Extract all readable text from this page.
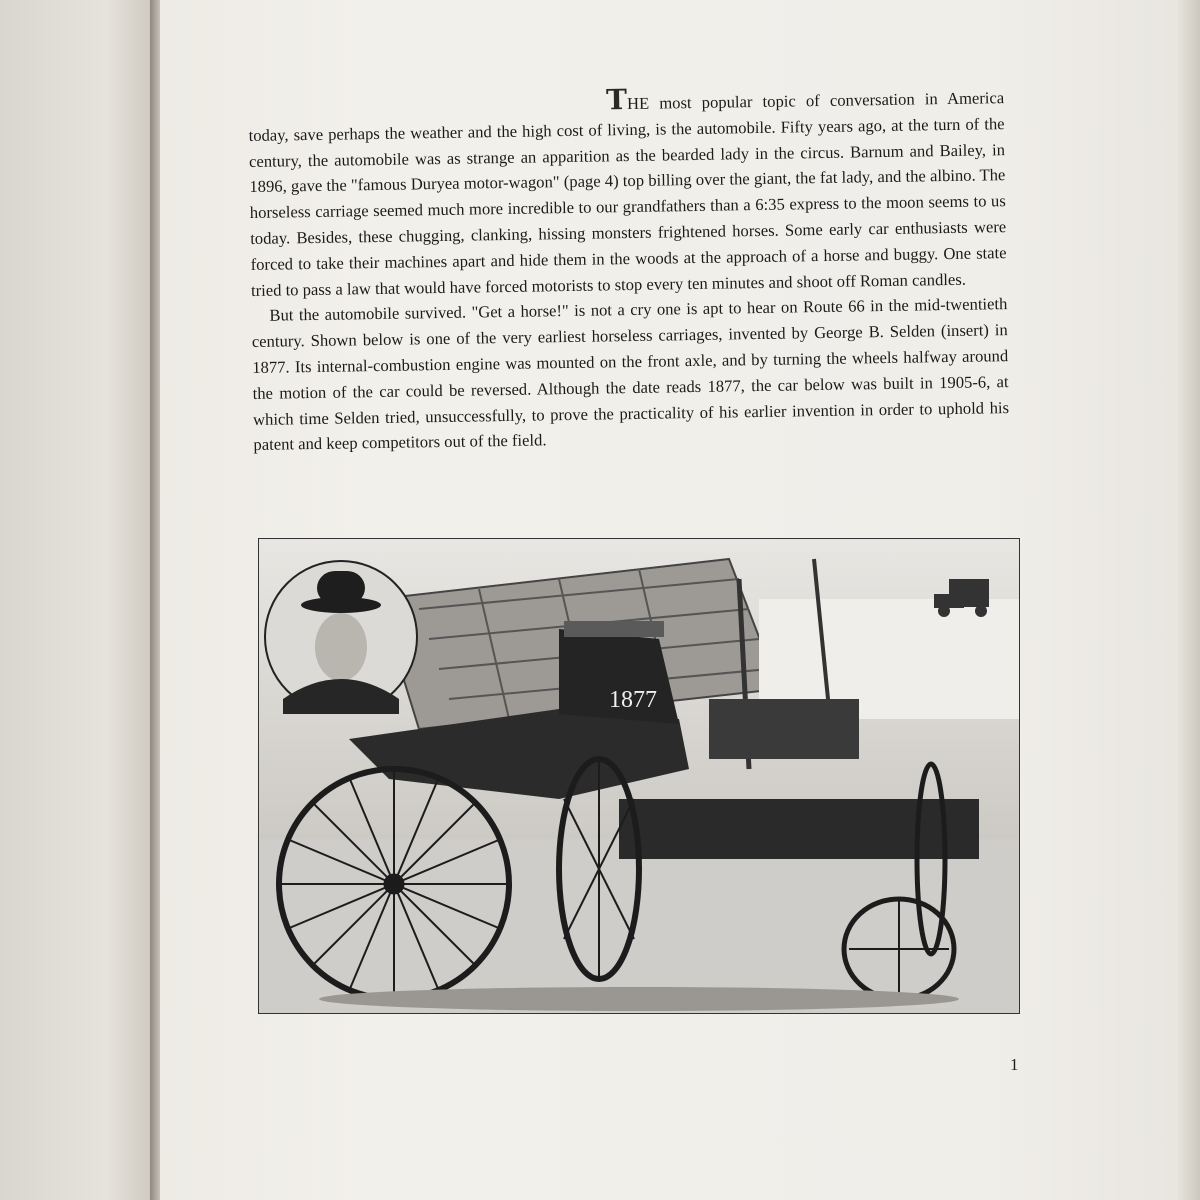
THE most popular topic of conversation in America today, save perhaps the weather and the high cost of living, is the automobile. Fifty years ago, at the turn of the century, the automobile was as strange an apparition as the bearded lady in the circus. Barnum and Bailey, in 1896, gave the "famous Duryea motor-wagon" (page 4) top billing over the giant, the fat lady, and the albino. The horseless carriage seemed much more incredible to our grandfathers than a 6:35 express to the moon seems to us today. Besides, these chugging, clanking, hissing monsters frightened horses. Some early car enthusiasts were forced to take their machines apart and hide them in the woods at the approach of a horse and buggy. One state tried to pass a law that would have forced motorists to stop every ten minutes and shoot off Roman candles.

But the automobile survived. "Get a horse!" is not a cry one is apt to hear on Route 66 in the mid-twentieth century. Shown below is one of the very earliest horseless carriages, invented by George B. Selden (insert) in 1877. Its internal-combustion engine was mounted on the front axle, and by turning the wheels halfway around the motion of the car could be reversed. Although the date reads 1877, the car below was built in 1905-6, at which time Selden tried, unsuccessfully, to prove the practicality of his earlier invention in order to uphold his patent and keep competitors out of the field.

1877
1
